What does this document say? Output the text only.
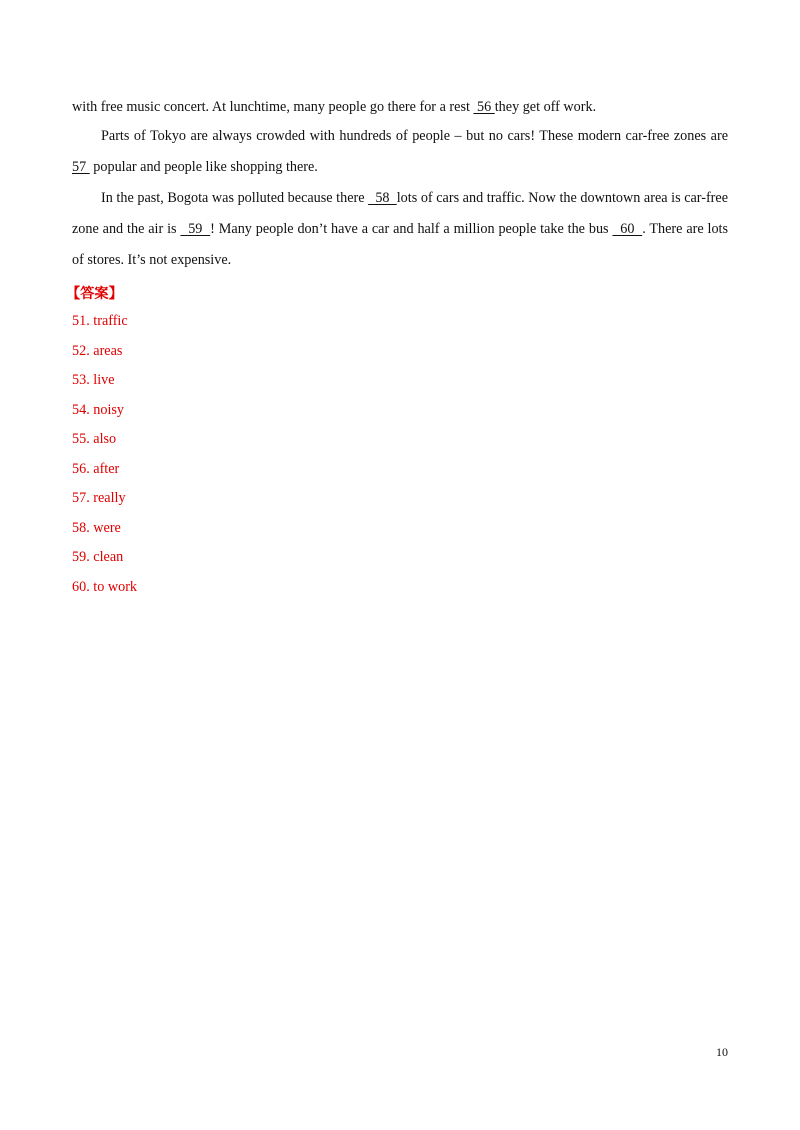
with free music concert. At lunchtime, many people go there for a rest  56 they get off work.

Parts of Tokyo are always crowded with hundreds of people – but no cars! These modern car-free zones are 57  popular and people like shopping there.

In the past, Bogota was polluted because there   58  lots of cars and traffic. Now the downtown area is car-free zone and the air is   59  ! Many people don’t have a car and half a million people take the bus   60  . There are lots of stores. It’s not expensive.

【答案】

51. traffic
52. areas
53. live
54. noisy
55. also
56. after
57. really
58. were
59. clean
60. to work
10
